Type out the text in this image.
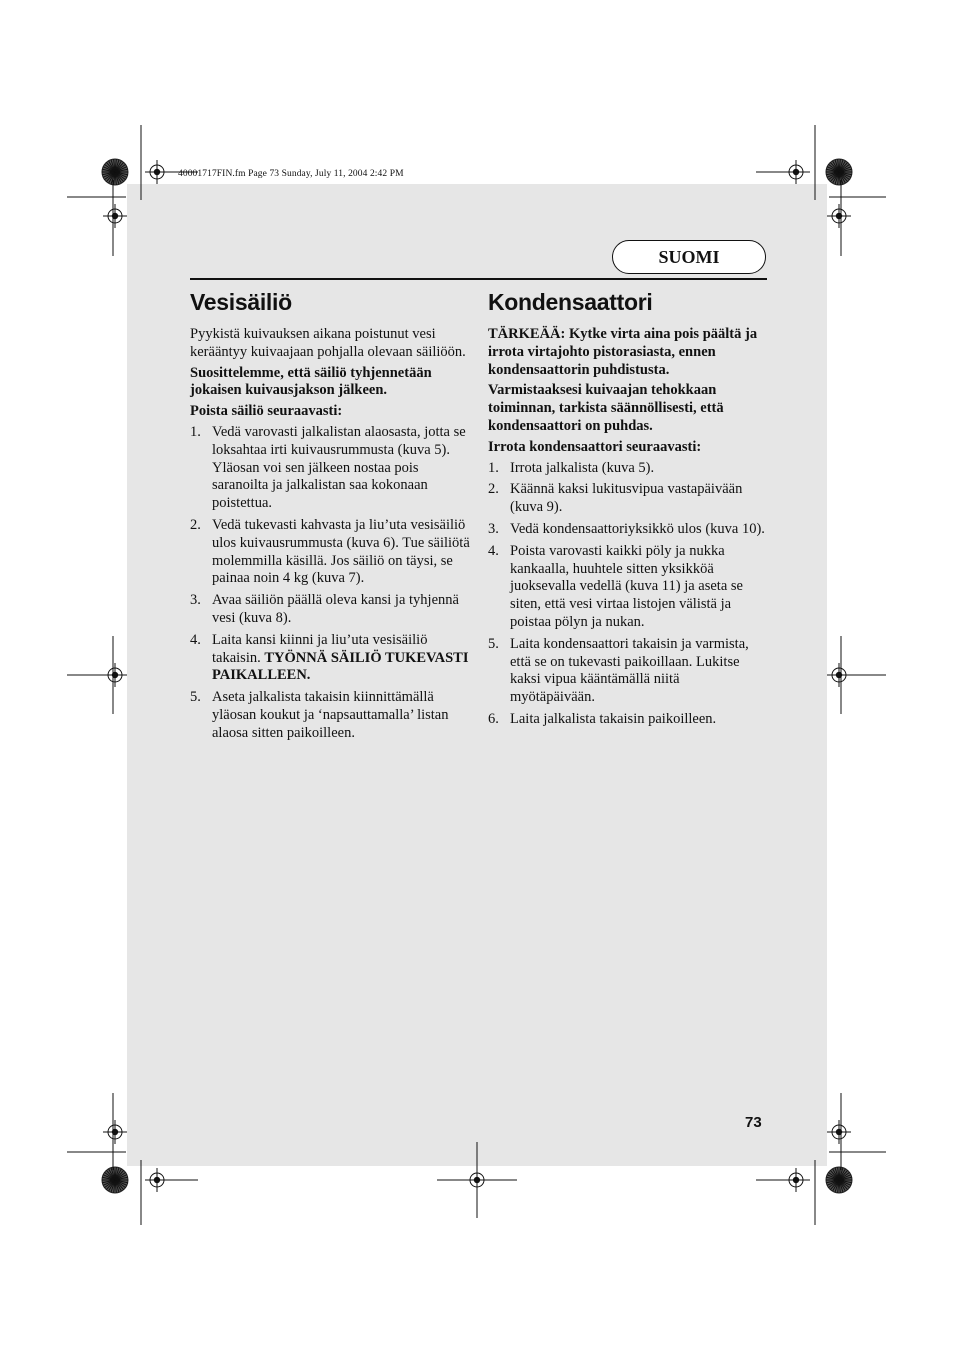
40001717FIN.fm Page 73 Sunday, July 11, 2004 2:42 PM
SUOMI
Vesisäiliö

Pyykistä kuivauksen aikana poistunut vesi kerääntyy kuivaajaan pohjalla olevaan säiliöön.

Suosittelemme, että säiliö tyhjennetään jokaisen kuivausjakson jälkeen.

Poista säiliö seuraavasti:

1. Vedä varovasti jalkalistan alaosasta, jotta se loksahtaa irti kuivausrummusta (kuva 5). Yläosan voi sen jälkeen nostaa pois saranoilta ja jalkalistan saa kokonaan poistettua.
2. Vedä tukevasti kahvasta ja liu’uta vesisäiliö ulos kuivausrummusta (kuva 6). Tue säiliötä molemmilla käsillä. Jos säiliö on täysi, se painaa noin 4 kg (kuva 7).
3. Avaa säiliön päällä oleva kansi ja tyhjennä vesi (kuva 8).
4. Laita kansi kiinni ja liu’uta vesisäiliö takaisin. TYÖNNÄ SÄILIÖ TUKEVASTI PAIKALLEEN.
5. Aseta jalkalista takaisin kiinnittämällä yläosan koukut ja ‘napsauttamalla’ listan alaosa sitten paikoilleen.
Kondensaattori

TÄRKEÄÄ: Kytke virta aina pois päältä ja irrota virtajohto pistorasiasta, ennen kondensaattorin puhdistusta.

Varmistaaksesi kuivaajan tehokkaan toiminnan, tarkista säännöllisesti, että kondensaattori on puhdas.

Irrota kondensaattori seuraavasti:

1. Irrota jalkalista (kuva 5).
2. Käännä kaksi lukitusvipua vastapäivään (kuva 9).
3. Vedä kondensaattoriyksikkö ulos (kuva 10).
4. Poista varovasti kaikki pöly ja nukka kankaalla, huuhtele sitten yksikköä juoksevalla vedellä (kuva 11) ja aseta se siten, että vesi virtaa listojen välistä ja poistaa pölyn ja nukan.
5. Laita kondensaattori takaisin ja varmista, että se on tukevasti paikoillaan. Lukitse kaksi vipua kääntämällä niitä myötäpäivään.
6. Laita jalkalista takaisin paikoilleen.
73
